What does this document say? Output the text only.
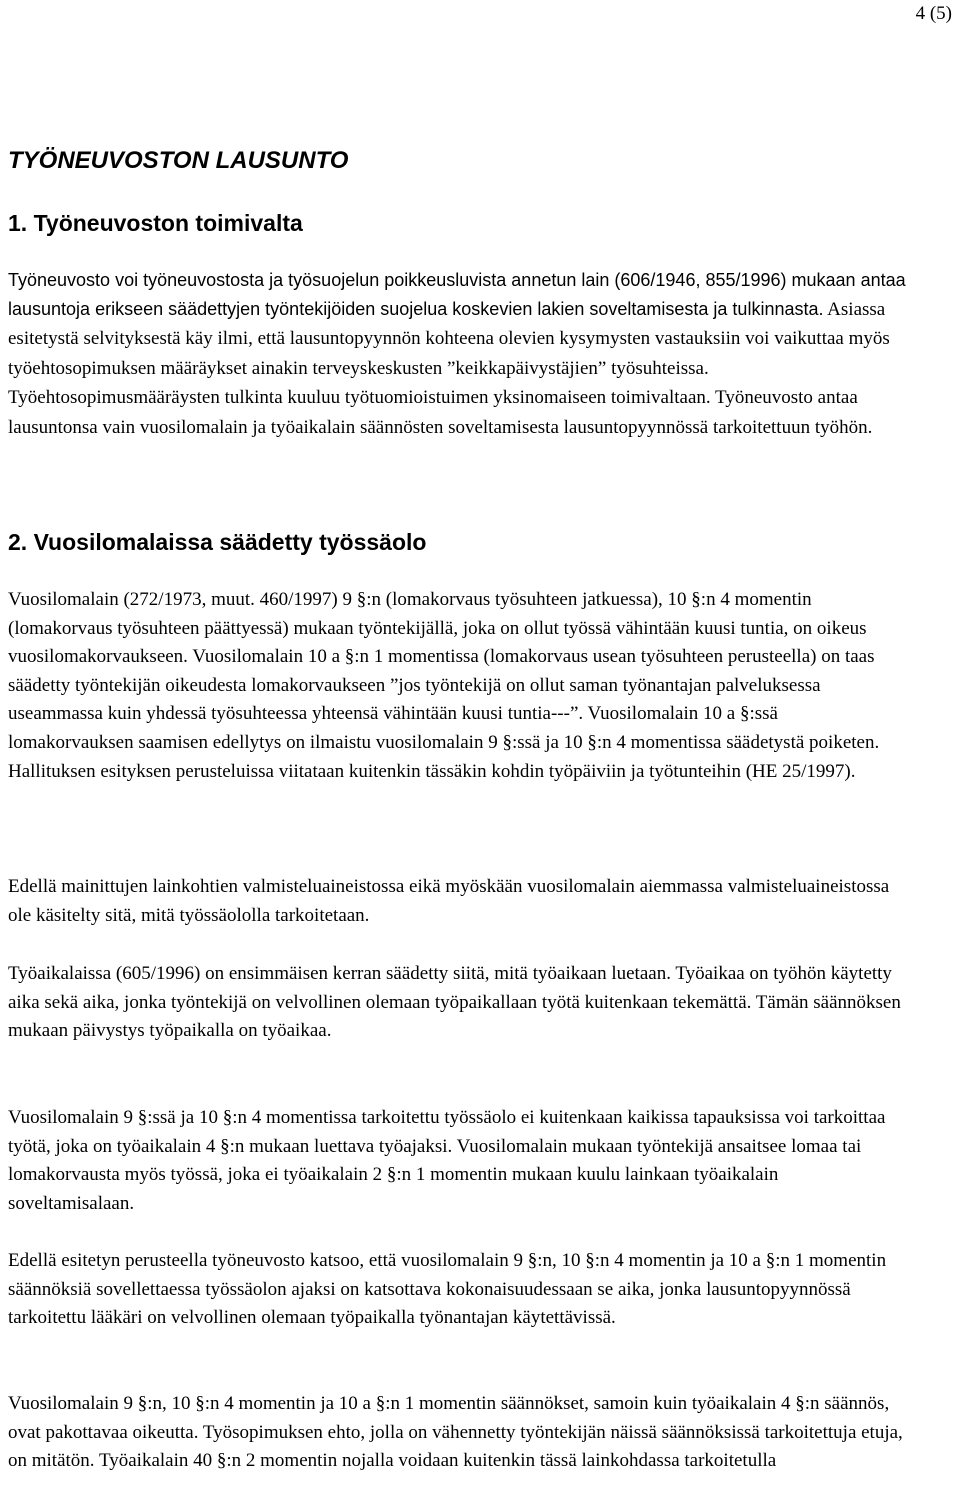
4 (5)
TYÖNEUVOSTON LAUSUNTO
1. Työneuvoston toimivalta

Työneuvosto voi työneuvostosta ja työsuojelun poikkeusluvista annetun lain (606/1946, 855/1996) mukaan antaa lausuntoja erikseen säädettyjen työntekijöiden suojelua koskevien lakien soveltamisesta ja tulkinnasta. Asiassa esitetystä selvityksestä käy ilmi, että lausuntopyynnön kohteena olevien kysymysten vastauksiin voi vaikuttaa myös työehtosopimuksen määräykset ainakin terveyskeskusten ”keikkapäivystäjien” työsuhteissa. Työehtosopimusmääräysten tulkinta kuuluu työtuomioistuimen yksinomaiseen toimivaltaan. Työneuvosto antaa lausuntonsa vain vuosilomalain ja työaikalain säännösten soveltamisesta lausuntopyynnössä tarkoitettuun työhön.

2. Vuosilomalaissa säädetty työssäolo

Vuosilomalain (272/1973, muut. 460/1997) 9 §:n (lomakorvaus työsuhteen jatkuessa), 10 §:n 4 momentin (lomakorvaus työsuhteen päättyessä) mukaan työntekijällä, joka on ollut työssä vähintään kuusi tuntia, on oikeus vuosilomakorvaukseen. Vuosilomalain 10 a §:n 1 momentissa (lomakorvaus usean työsuhteen perusteella) on taas säädetty työntekijän oikeudesta lomakorvaukseen ”jos työntekijä on ollut saman työnantajan palveluksessa useammassa kuin yhdessä työsuhteessa yhteensä vähintään kuusi tuntia---”. Vuosilomalain 10 a §:ssä lomakorvauksen saamisen edellytys on ilmaistu vuosilomalain 9 §:ssä ja 10 §:n 4 momentissa säädetystä poiketen. Hallituksen esityksen perusteluissa viitataan kuitenkin tässäkin kohdin työpäiviin ja työtunteihin (HE 25/1997).

Edellä mainittujen lainkohtien valmisteluaineistossa eikä myöskään vuosilomalain aiemmassa valmisteluaineistossa ole käsitelty sitä, mitä työssäololla tarkoitetaan.

Työaikalaissa (605/1996) on ensimmäisen kerran säädetty siitä, mitä työaikaan luetaan. Työaikaa on työhön käytetty aika sekä aika, jonka työntekijä on velvollinen olemaan työpaikallaan työtä kuitenkaan tekemättä. Tämän säännöksen mukaan päivystys työpaikalla on työaikaa.

Vuosilomalain 9 §:ssä ja 10 §:n 4 momentissa tarkoitettu työssäolo ei kuitenkaan kaikissa tapauksissa voi tarkoittaa työtä, joka on työaikalain 4 §:n mukaan luettava työajaksi. Vuosilomalain mukaan työntekijä ansaitsee lomaa tai lomakorvausta myös työssä, joka ei työaikalain 2 §:n 1 momentin mukaan kuulu lainkaan työaikalain soveltamisalaan.

Edellä esitetyn perusteella työneuvosto katsoo, että vuosilomalain 9 §:n, 10 §:n 4 momentin ja 10 a §:n 1 momentin säännöksiä sovellettaessa työssäolon ajaksi on katsottava kokonaisuudessaan se aika, jonka lausuntopyynnössä tarkoitettu lääkäri on velvollinen olemaan työpaikalla työnantajan käytettävissä.

Vuosilomalain 9 §:n, 10 §:n 4 momentin ja 10 a §:n 1 momentin säännökset, samoin kuin työaikalain 4 §:n säännös, ovat pakottavaa oikeutta. Työsopimuksen ehto, jolla on vähennetty työntekijän näissä säännöksissä tarkoitettuja etuja, on mitätön. Työaikalain 40 §:n 2 momentin nojalla voidaan kuitenkin tässä lainkohdassa tarkoitetulla
